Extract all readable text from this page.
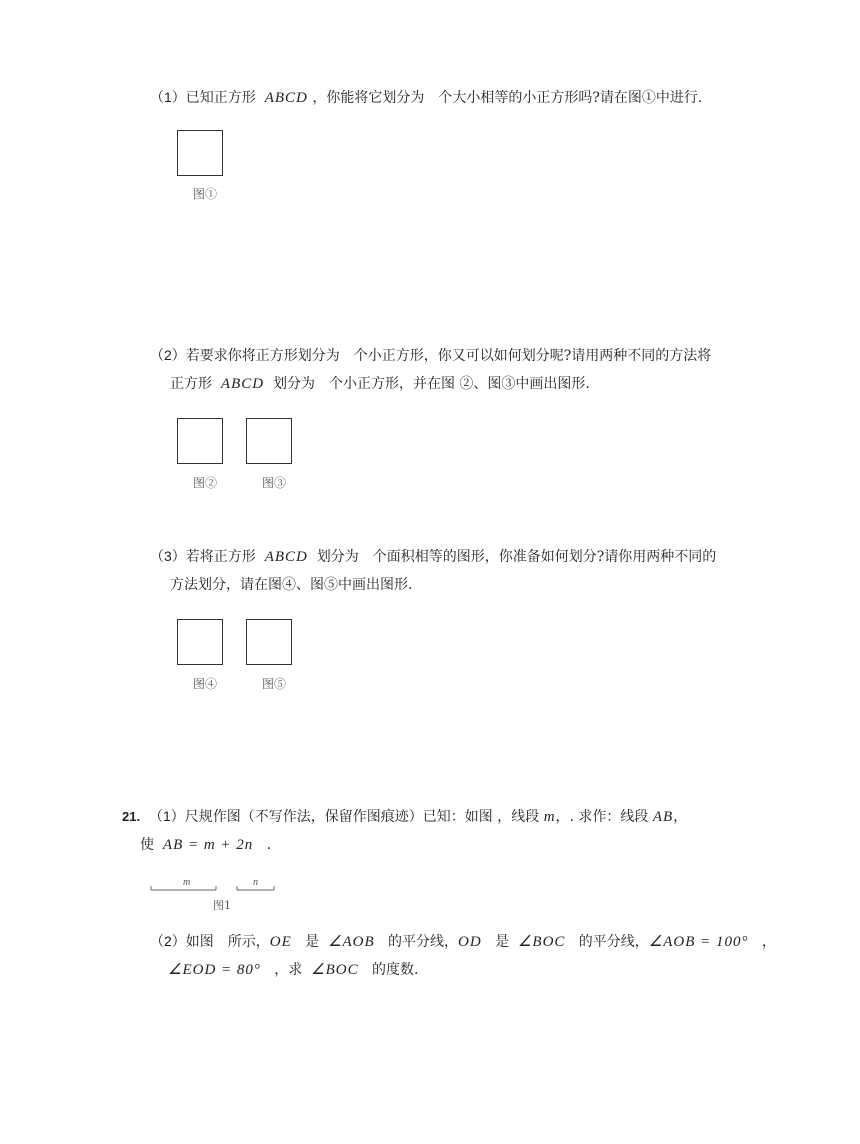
（1）已知正方形 ABCD ，你能将它划分为　个大小相等的小正方形吗?请在图①中进行.
图①
（2）若要求你将正方形划分为　个小正方形，你又可以如何划分呢?请用两种不同的方法将
正方形 ABCD 划分为　个小正方形，并在图 ②、图③中画出图形.
图②	图③
（3）若将正方形 ABCD 划分为　个面积相等的图形，你准备如何划分?请你用两种不同的
方法划分，请在图④、图⑤中画出图形.
图④	图⑤
21. （1）尺规作图（不写作法，保留作图痕迹）已知：如图 ，线段 m，. 求作：线段 AB，
使 AB = m + 2n .
m	n
图1
（2）如图　所示，OE 是 ∠AOB 的平分线，OD 是 ∠BOC 的平分线，∠AOB = 100° ，
∠EOD = 80° ，求 ∠BOC 的度数.
